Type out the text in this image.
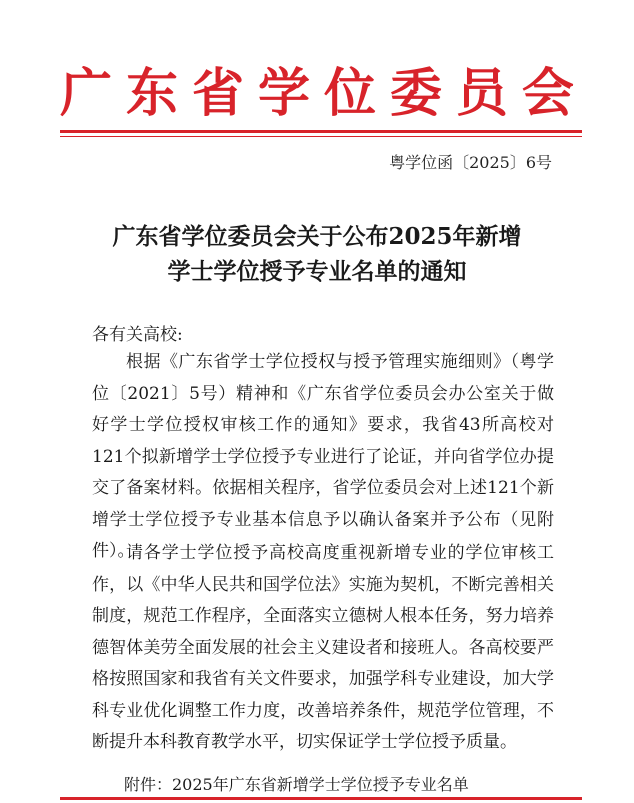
广 东 省 学 位 委 员 会
粤学位函〔2025〕6号
广东省学位委员会关于公布2025年新增
学士学位授予专业名单的通知
各有关高校:

根据《广东省学士学位授权与授予管理实施细则》（粤学位〔2021〕5号）精神和《广东省学位委员会办公室关于做好学士学位授权审核工作的通知》要求，我省43所高校对121个拟新增学士学位授予专业进行了论证，并向省学位办提交了备案材料。依据相关程序，省学位委员会对上述121个新增学士学位授予专业基本信息予以确认备案并予公布（见附件）。

请各学士学位授予高校高度重视新增专业的学位审核工作，以《中华人民共和国学位法》实施为契机，不断完善相关制度，规范工作程序，全面落实立德树人根本任务，努力培养德智体美劳全面发展的社会主义建设者和接班人。各高校要严格按照国家和我省有关文件要求，加强学科专业建设，加大学科专业优化调整工作力度，改善培养条件，规范学位管理，不断提升本科教育教学水平，切实保证学士学位授予质量。

附件：2025年广东省新增学士学位授予专业名单
